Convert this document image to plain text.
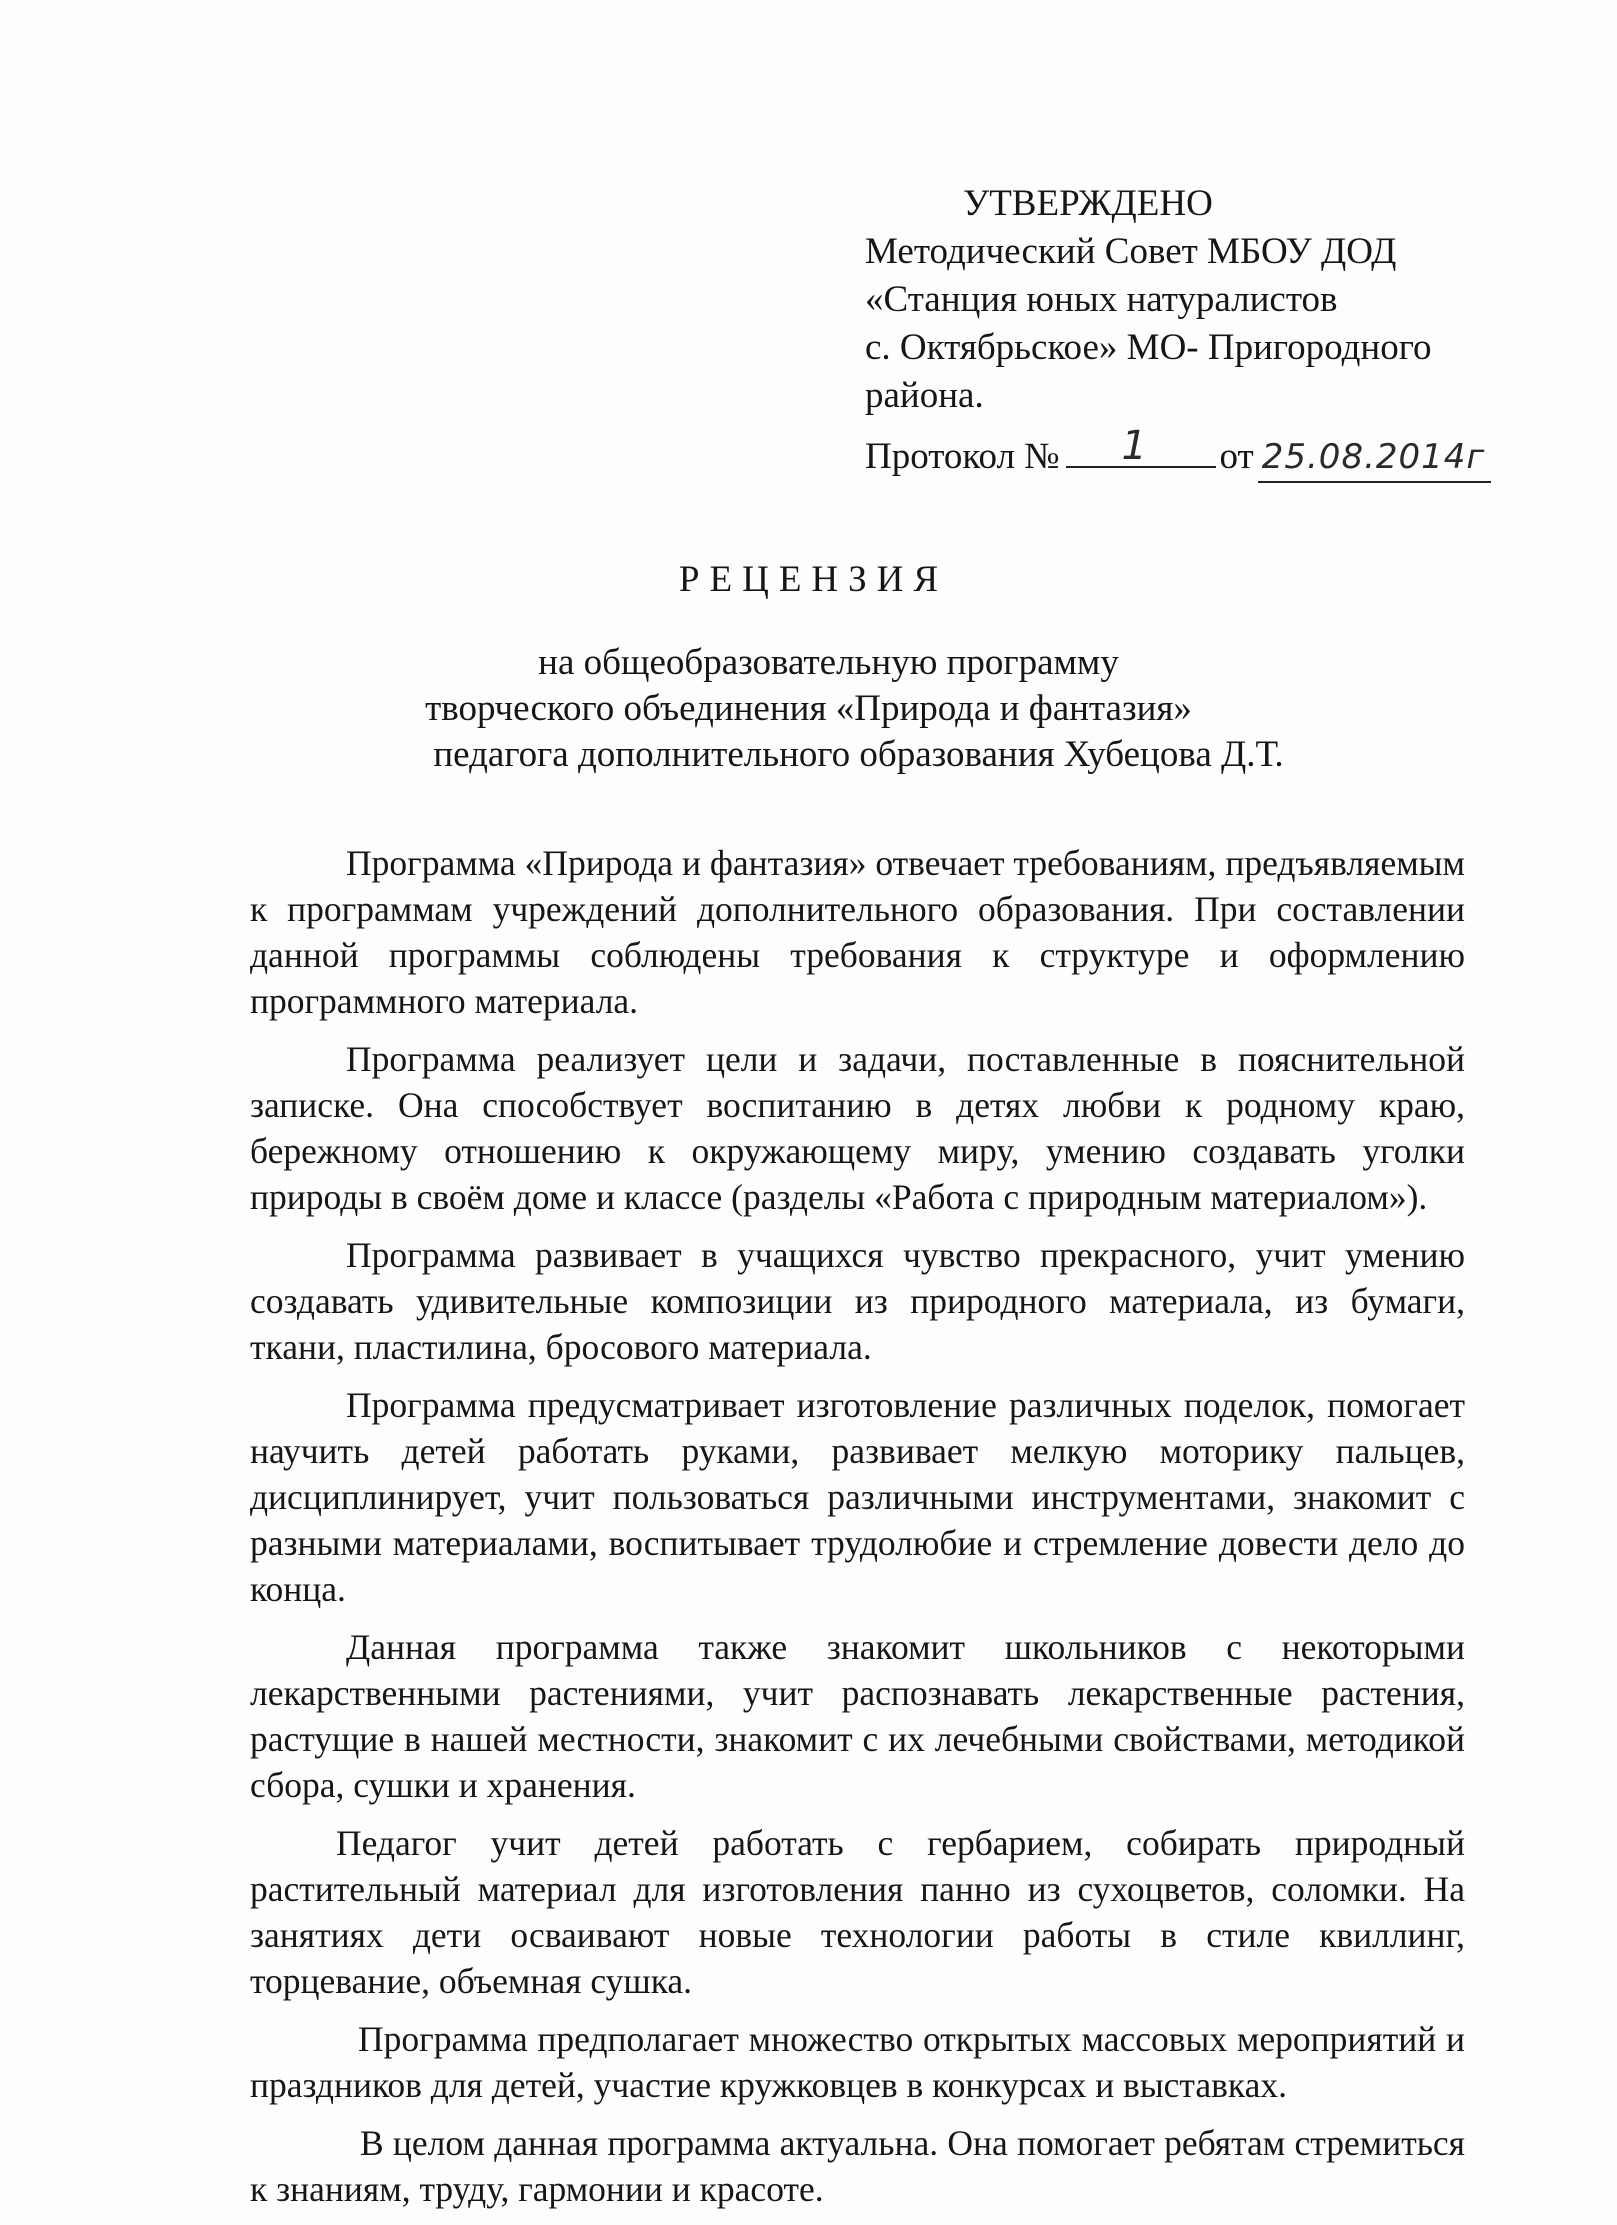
УТВЕРЖДЕНО
Методический Совет МБОУ ДОД
«Станция юных натуралистов
с. Октябрьское» МО- Пригородного
района.
Протокол № 1 от 25.08.2014г
РЕЦЕНЗИЯ
на общеобразовательную программу
творческого объединения «Природа и фантазия»
педагога дополнительного образования Хубецова Д.Т.

Программа «Природа и фантазия» отвечает требованиям, предъявляемым к программам учреждений дополнительного образования. При составлении данной программы соблюдены требования к структуре и оформлению программного материала.

Программа реализует цели и задачи, поставленные в пояснительной записке. Она способствует воспитанию в детях любви к родному краю, бережному отношению к окружающему миру, умению создавать уголки природы в своём доме и классе (разделы «Работа с природным материалом»).

Программа развивает в учащихся чувство прекрасного, учит умению создавать удивительные композиции из природного материала, из бумаги, ткани, пластилина, бросового материала.

Программа предусматривает изготовление различных поделок, помогает научить детей работать руками, развивает мелкую моторику пальцев, дисциплинирует, учит пользоваться различными инструментами, знакомит с разными материалами, воспитывает трудолюбие и стремление довести дело до конца.

Данная программа также знакомит школьников с некоторыми лекарственными растениями, учит распознавать лекарственные растения, растущие в нашей местности, знакомит с их лечебными свойствами, методикой сбора, сушки и хранения.

Педагог учит детей работать с гербарием, собирать природный растительный материал для изготовления панно из сухоцветов, соломки. На занятиях дети осваивают новые технологии работы в стиле квиллинг, торцевание, объемная сушка.

Программа предполагает множество открытых массовых мероприятий и праздников для детей, участие кружковцев в конкурсах и выставках.

В целом данная программа актуальна. Она помогает ребятам стремиться к знаниям, труду, гармонии и красоте.
